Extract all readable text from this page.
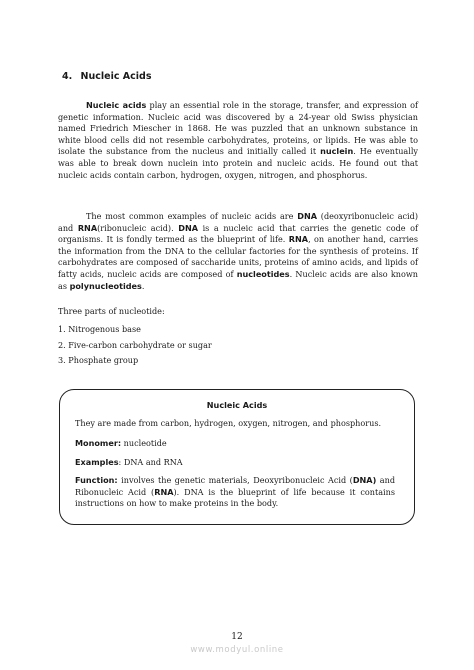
4. Nucleic Acids

Nucleic acids play an essential role in the storage, transfer, and expression of genetic information. Nucleic acid was discovered by a 24-year old Swiss physician named Friedrich Miescher in 1868. He was puzzled that an unknown substance in white blood cells did not resemble carbohydrates, proteins, or lipids. He was able to isolate the substance from the nucleus and initially called it nuclein. He eventually was able to break down nuclein into protein and nucleic acids. He found out that nucleic acids contain carbon, hydrogen, oxygen, nitrogen, and phosphorus.

The most common examples of nucleic acids are DNA (deoxyribonucleic acid) and RNA(ribonucleic acid). DNA is a nucleic acid that carries the genetic code of organisms. It is fondly termed as the blueprint of life. RNA, on another hand, carries the information from the DNA to the cellular factories for the synthesis of proteins. If carbohydrates are composed of saccharide units, proteins of amino acids, and lipids of fatty acids, nucleic acids are composed of nucleotides. Nucleic acids are also known as polynucleotides.

Three parts of nucleotide:
1. Nitrogenous base
2. Five-carbon carbohydrate or sugar
3. Phosphate group
Nucleic Acids

They are made from carbon, hydrogen, oxygen, nitrogen, and phosphorus.

Monomer: nucleotide

Examples: DNA and RNA

Function: involves the genetic materials, Deoxyribonucleic Acid (DNA) and Ribonucleic Acid (RNA). DNA is the blueprint of life because it contains instructions on how to make proteins in the body.

12
www.modyul.online
